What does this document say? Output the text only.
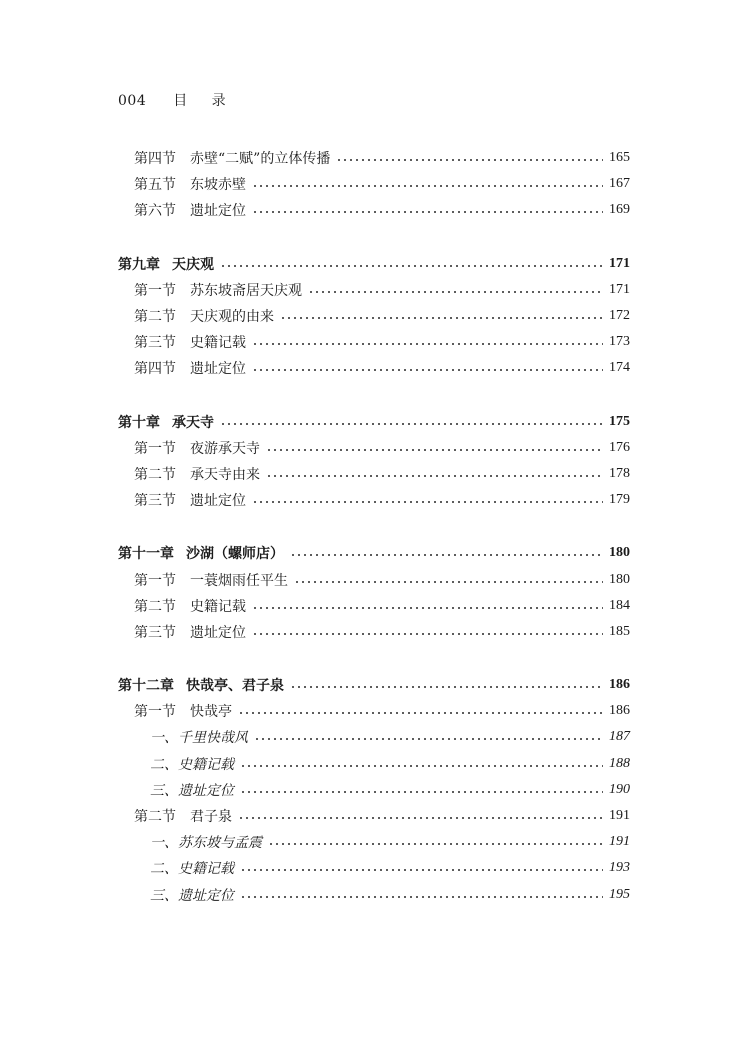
004 目 录
第四节 赤壁“二赋”的立体传播	165
第五节 东坡赤壁	167
第六节 遗址定位	169
第九章 天庆观	171
第一节 苏东坡斋居天庆观	171
第二节 天庆观的由来	172
第三节 史籍记载	173
第四节 遗址定位	174
第十章 承天寺	175
第一节 夜游承天寺	176
第二节 承天寺由来	178
第三节 遗址定位	179
第十一章 沙湖（螺师店）	180
第一节 一蓑烟雨任平生	180
第二节 史籍记载	184
第三节 遗址定位	185
第十二章 快哉亭、君子泉	186
第一节 快哉亭	186
一、千里快哉风	187
二、史籍记载	188
三、遗址定位	190
第二节 君子泉	191
一、苏东坡与孟震	191
二、史籍记载	193
三、遗址定位	195
